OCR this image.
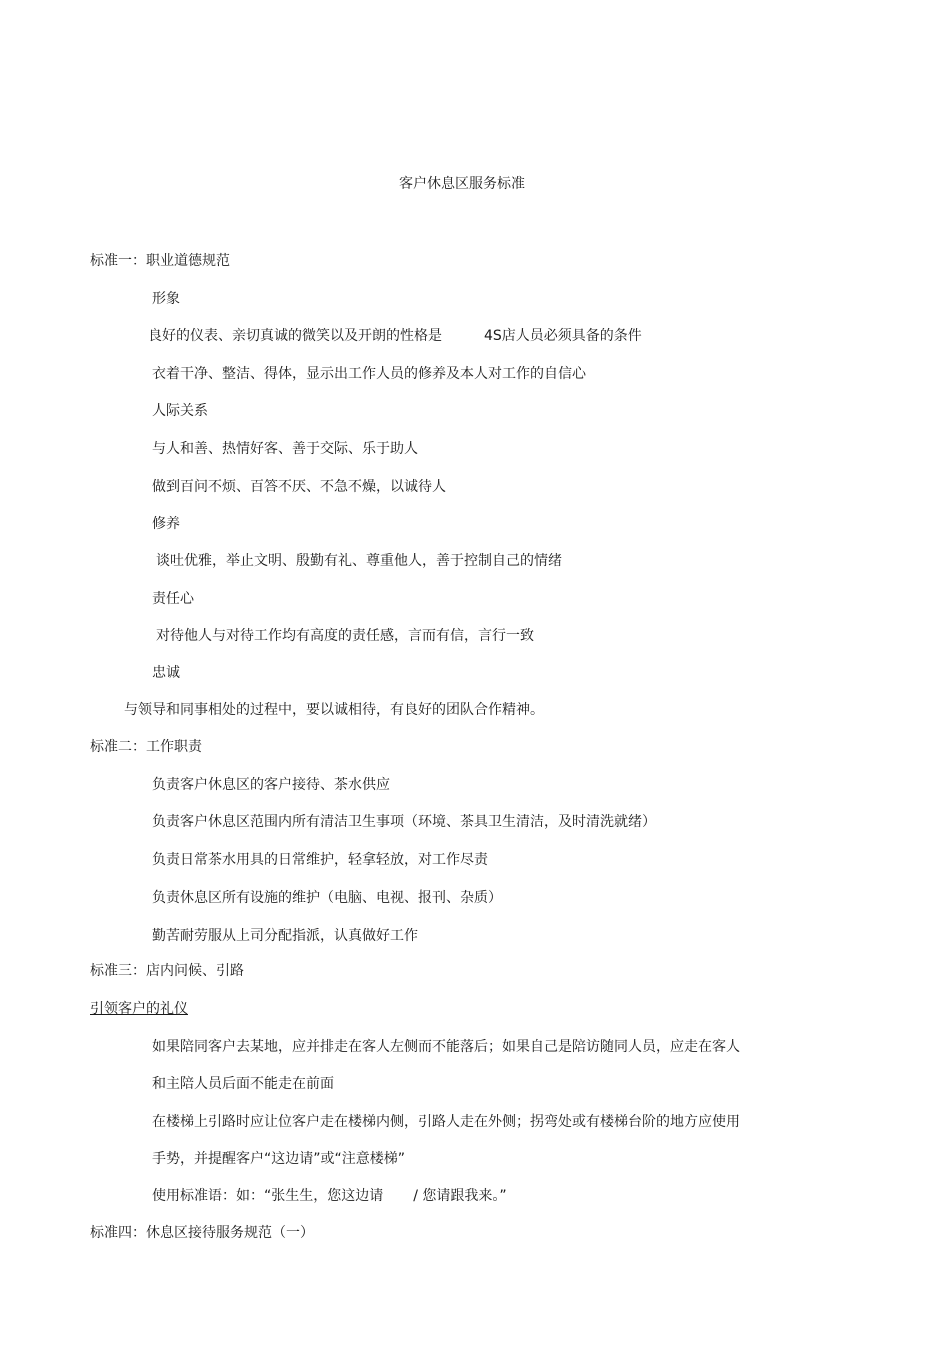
客户休息区服务标准
标准一：职业道德规范
形象
良好的仪表、亲切真诚的微笑以及开朗的性格是	4S店人员必须具备的条件
衣着干净、整洁、得体，显示出工作人员的修养及本人对工作的自信心
人际关系
与人和善、热情好客、善于交际、乐于助人
做到百问不烦、百答不厌、不急不燥，以诚待人
修养
谈吐优雅，举止文明、殷勤有礼、尊重他人，善于控制自己的情绪
责任心
对待他人与对待工作均有高度的责任感，言而有信，言行一致
忠诚
与领导和同事相处的过程中，要以诚相待，有良好的团队合作精神。
标准二：工作职责
负责客户休息区的客户接待、茶水供应
负责客户休息区范围内所有清洁卫生事项（环境、茶具卫生清洁，及时清洗就绪）
负责日常茶水用具的日常维护，轻拿轻放，对工作尽责
负责休息区所有设施的维护（电脑、电视、报刊、杂质）
勤苦耐劳服从上司分配指派，认真做好工作
标准三：店内问候、引路
引领客户的礼仪
如果陪同客户去某地，应并排走在客人左侧而不能落后；如果自己是陪访随同人员，应走在客人
和主陪人员后面不能走在前面
在楼梯上引路时应让位客户走在楼梯内侧，引路人走在外侧；拐弯处或有楼梯台阶的地方应使用
手势，并提醒客户“这边请”或“注意楼梯”
使用标准语：如：“张生生，您这边请 / 您请跟我来。”
标准四：休息区接待服务规范（一）
